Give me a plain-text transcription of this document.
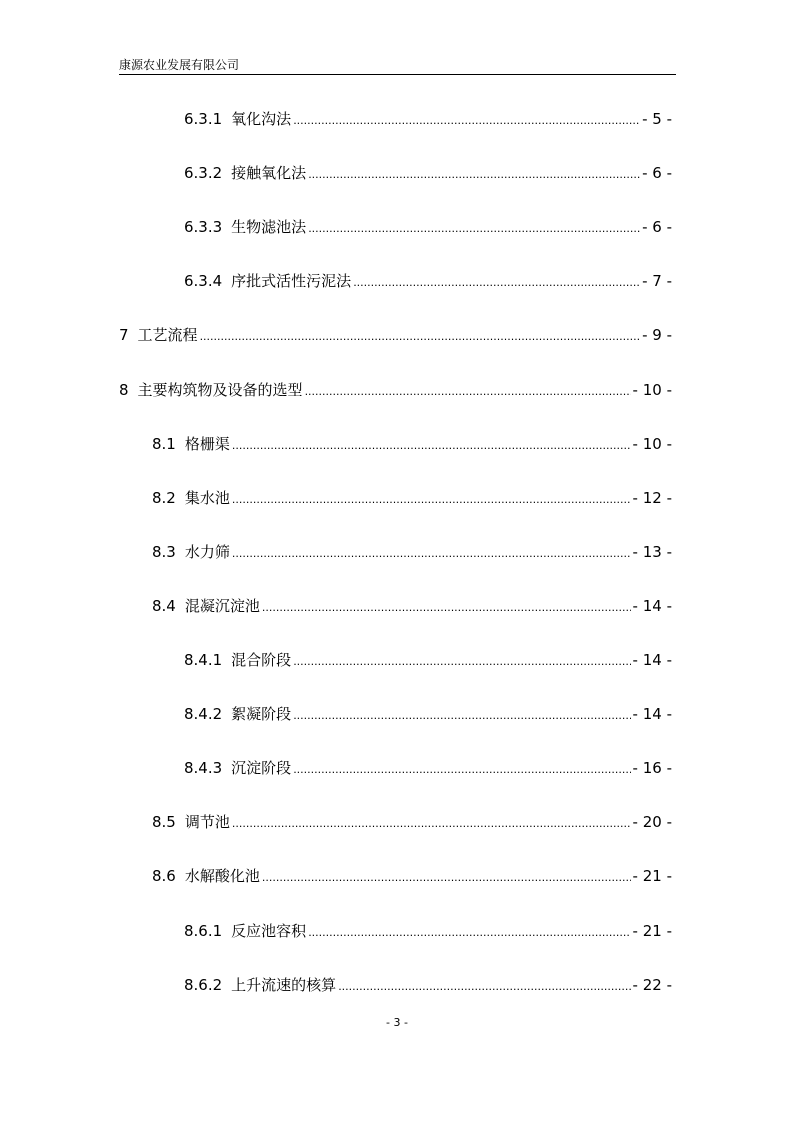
康源农业发展有限公司
6.3.1 氧化沟法 .....	- 5 -
6.3.2 接触氧化法 .....	- 6 -
6.3.3 生物滤池法 .....	- 6 -
6.3.4 序批式活性污泥法 .....	- 7 -
7 工艺流程 .....	- 9 -
8 主要构筑物及设备的选型 .....	- 10 -
8.1 格栅渠 .....	- 10 -
8.2 集水池 .....	- 12 -
8.3 水力筛 .....	- 13 -
8.4 混凝沉淀池 .....	- 14 -
8.4.1 混合阶段 .....	- 14 -
8.4.2 絮凝阶段 .....	- 14 -
8.4.3 沉淀阶段 .....	- 16 -
8.5 调节池 .....	- 20 -
8.6 水解酸化池 .....	- 21 -
8.6.1 反应池容积 .....	- 21 -
8.6.2 上升流速的核算 .....	- 22 -
- 3 -
